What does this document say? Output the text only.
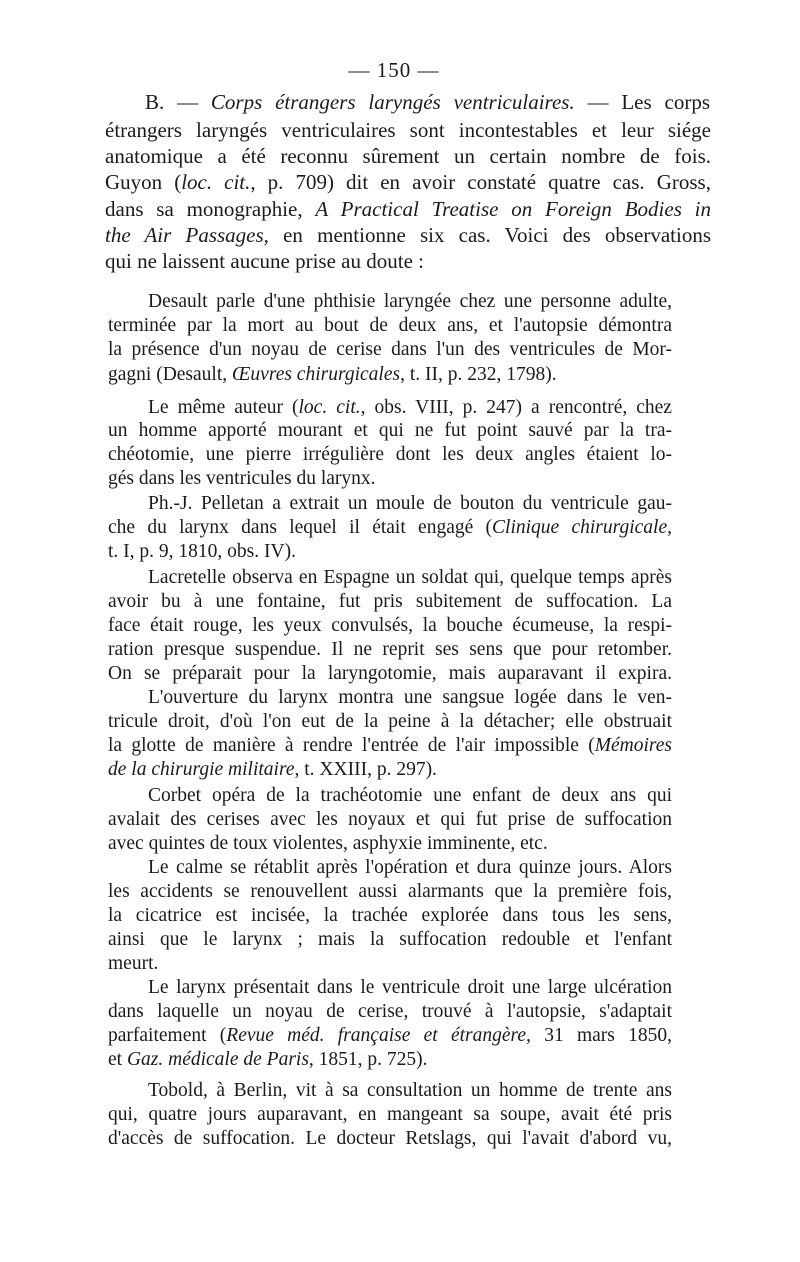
— 150 —
B. — Corps étrangers laryngés ventriculaires. — Les corps
étrangers laryngés ventriculaires sont incontestables et leur siége
anatomique a été reconnu sûrement un certain nombre de fois.
Guyon (loc. cit., p. 709) dit en avoir constaté quatre cas. Gross,
dans sa monographie, A Practical Treatise on Foreign Bodies in
the Air Passages, en mentionne six cas. Voici des observations
qui ne laissent aucune prise au doute :
Desault parle d'une phthisie laryngée chez une personne adulte,
terminée par la mort au bout de deux ans, et l'autopsie démontra
la présence d'un noyau de cerise dans l'un des ventricules de Mor-
gagni (Desault, Œuvres chirurgicales, t. II, p. 232, 1798).
Le même auteur (loc. cit., obs. VIII, p. 247) a rencontré, chez
un homme apporté mourant et qui ne fut point sauvé par la tra-
chéotomie, une pierre irrégulière dont les deux angles étaient lo-
gés dans les ventricules du larynx.
Ph.-J. Pelletan a extrait un moule de bouton du ventricule gau-
che du larynx dans lequel il était engagé (Clinique chirurgicale,
t. I, p. 9, 1810, obs. IV).
Lacretelle observa en Espagne un soldat qui, quelque temps après
avoir bu à une fontaine, fut pris subitement de suffocation. La
face était rouge, les yeux convulsés, la bouche écumeuse, la respi-
ration presque suspendue. Il ne reprit ses sens que pour retomber.
On se préparait pour la laryngotomie, mais auparavant il expira.
L'ouverture du larynx montra une sangsue logée dans le ven-
tricule droit, d'où l'on eut de la peine à la détacher; elle obstruait
la glotte de manière à rendre l'entrée de l'air impossible (Mémoires
de la chirurgie militaire, t. XXIII, p. 297).
Corbet opéra de la trachéotomie une enfant de deux ans qui
avalait des cerises avec les noyaux et qui fut prise de suffocation
avec quintes de toux violentes, asphyxie imminente, etc.
Le calme se rétablit après l'opération et dura quinze jours. Alors
les accidents se renouvellent aussi alarmants que la première fois,
la cicatrice est incisée, la trachée explorée dans tous les sens,
ainsi que le larynx ; mais la suffocation redouble et l'enfant
meurt.
Le larynx présentait dans le ventricule droit une large ulcération
dans laquelle un noyau de cerise, trouvé à l'autopsie, s'adaptait
parfaitement (Revue méd. française et étrangère, 31 mars 1850,
et Gaz. médicale de Paris, 1851, p. 725).
Tobold, à Berlin, vit à sa consultation un homme de trente ans
qui, quatre jours auparavant, en mangeant sa soupe, avait été pris
d'accès de suffocation. Le docteur Retslags, qui l'avait d'abord vu,
